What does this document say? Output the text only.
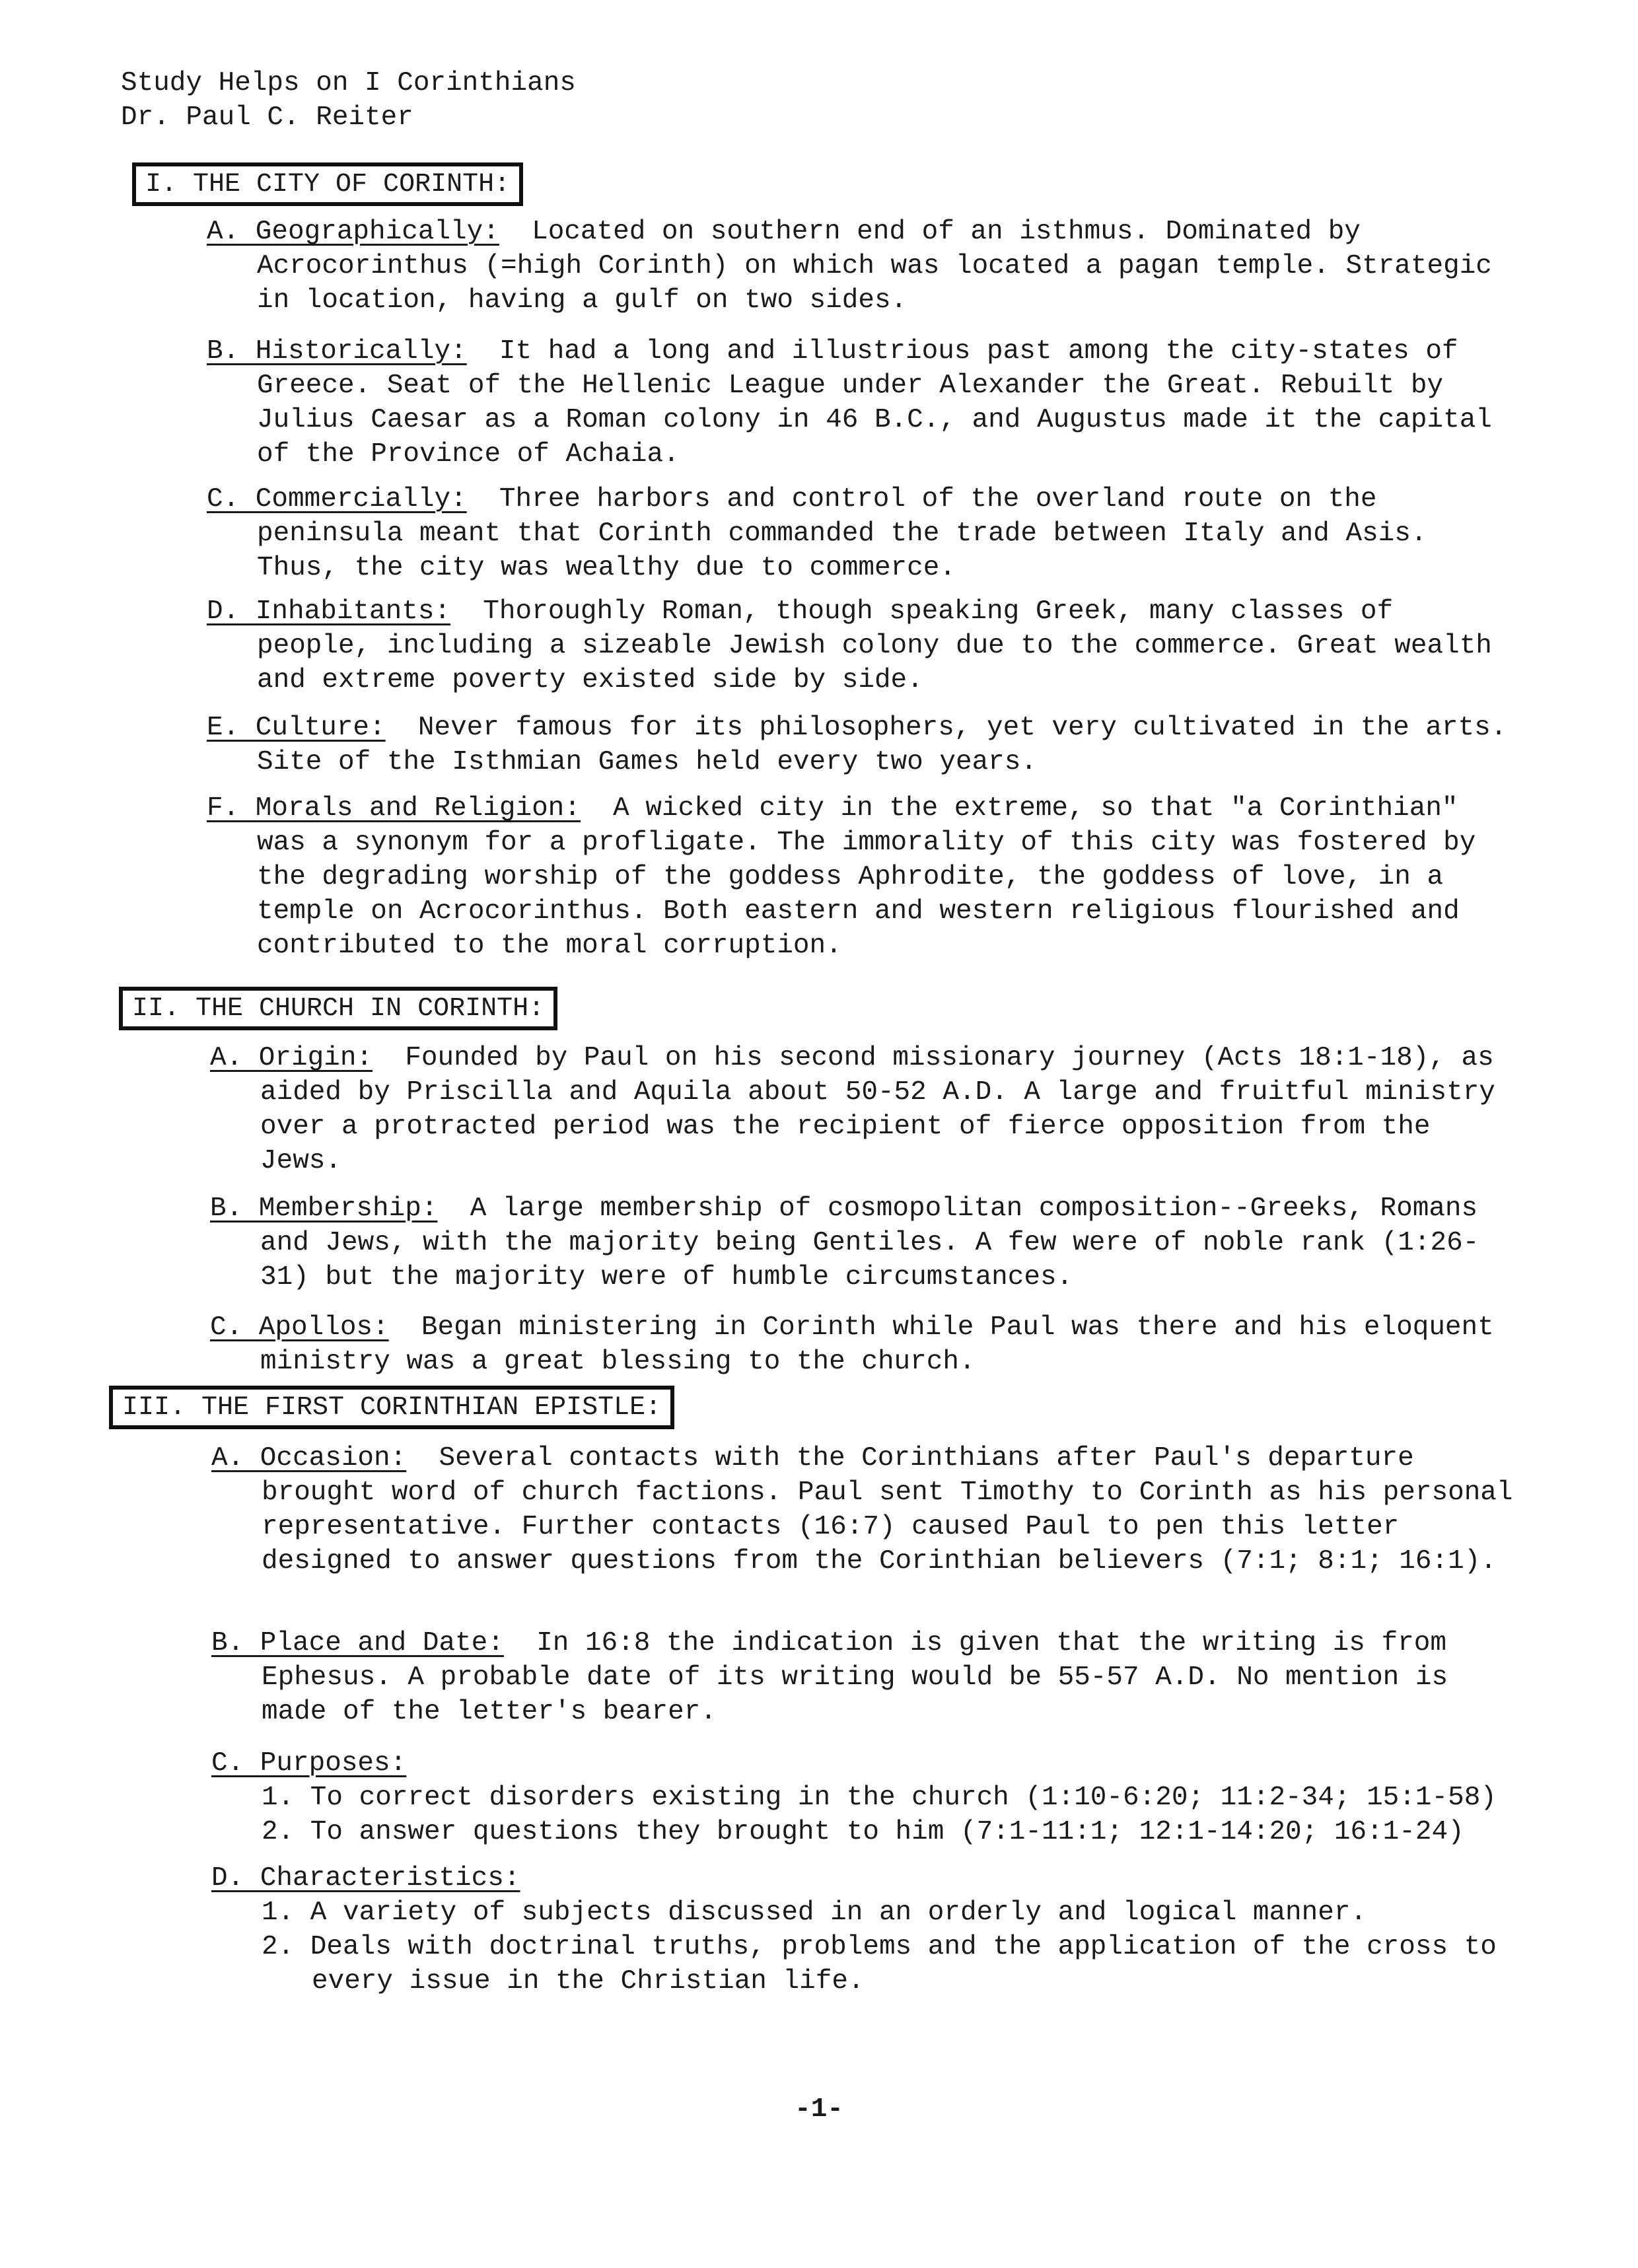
Study Helps on I Corinthians
Dr. Paul C. Reiter
I. THE CITY OF CORINTH:

A. Geographically: Located on southern end of an isthmus. Dominated by Acrocorinthus (=high Corinth) on which was located a pagan temple. Strategic in location, having a gulf on two sides.

B. Historically: It had a long and illustrious past among the city-states of Greece. Seat of the Hellenic League under Alexander the Great. Rebuilt by Julius Caesar as a Roman colony in 46 B.C., and Augustus made it the capital of the Province of Achaia.

C. Commercially: Three harbors and control of the overland route on the peninsula meant that Corinth commanded the trade between Italy and Asis. Thus, the city was wealthy due to commerce.

D. Inhabitants: Thoroughly Roman, though speaking Greek, many classes of people, including a sizeable Jewish colony due to the commerce. Great wealth and extreme poverty existed side by side.

E. Culture: Never famous for its philosophers, yet very cultivated in the arts. Site of the Isthmian Games held every two years.

F. Morals and Religion: A wicked city in the extreme, so that "a Corinthian" was a synonym for a profligate. The immorality of this city was fostered by the degrading worship of the goddess Aphrodite, the goddess of love, in a temple on Acrocorinthus. Both eastern and western religious flourished and contributed to the moral corruption.

II. THE CHURCH IN CORINTH:

A. Origin: Founded by Paul on his second missionary journey (Acts 18:1-18), as aided by Priscilla and Aquila about 50-52 A.D. A large and fruitful ministry over a protracted period was the recipient of fierce opposition from the Jews.

B. Membership: A large membership of cosmopolitan composition--Greeks, Romans and Jews, with the majority being Gentiles. A few were of noble rank (1:26-31) but the majority were of humble circumstances.

C. Apollos: Began ministering in Corinth while Paul was there and his eloquent ministry was a great blessing to the church.

III. THE FIRST CORINTHIAN EPISTLE:

A. Occasion: Several contacts with the Corinthians after Paul's departure brought word of church factions. Paul sent Timothy to Corinth as his personal representative. Further contacts (16:7) caused Paul to pen this letter designed to answer questions from the Corinthian believers (7:1; 8:1; 16:1).

B. Place and Date: In 16:8 the indication is given that the writing is from Ephesus. A probable date of its writing would be 55-57 A.D. No mention is made of the letter's bearer.

C. Purposes:

1. To correct disorders existing in the church (1:10-6:20; 11:2-34; 15:1-58)
2. To answer questions they brought to him (7:1-11:1; 12:1-14:20; 16:1-24)

D. Characteristics:

1. A variety of subjects discussed in an orderly and logical manner.
2. Deals with doctrinal truths, problems and the application of the cross to every issue in the Christian life.
-1-
